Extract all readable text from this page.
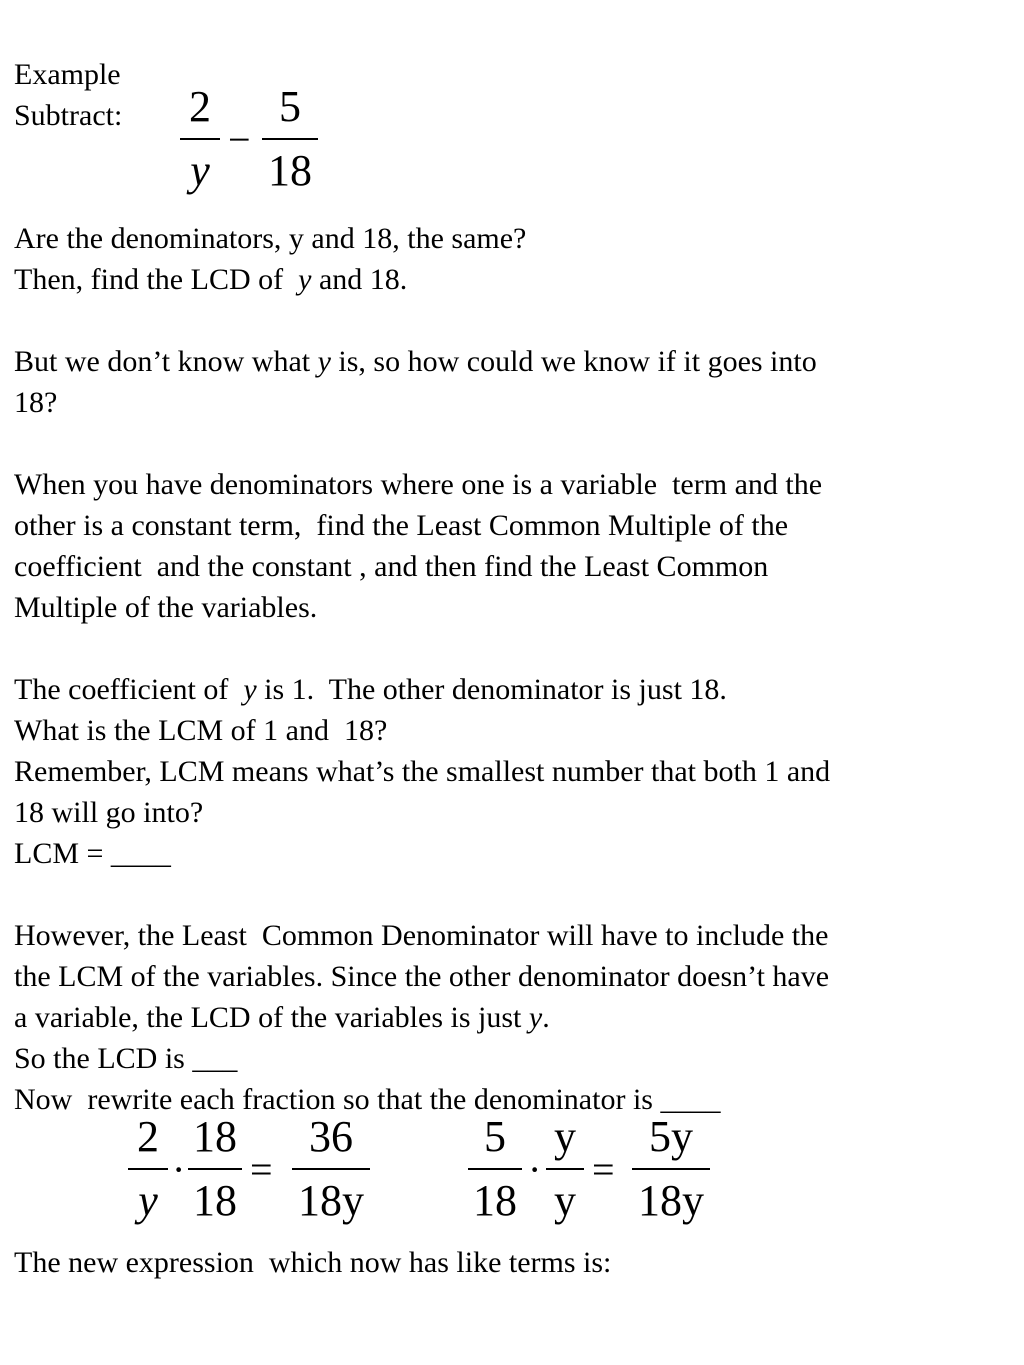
Example
Subtract: 2
y
−
5
18
Are the denominators, y and 18, the same?
Then, find the LCD of  y and 18.
But we don’t know what y is, so how could we know if it goes into
18?
When you have denominators where one is a variable  term and the
other is a constant term,  find the Least Common Multiple of the
coefficient  and the constant , and then find the Least Common
Multiple of the variables.
The coefficient of  y is 1.  The other denominator is just 18.
What is the LCM of 1 and  18?
Remember, LCM means what’s the smallest number that both 1 and
18 will go into?
LCM = ____
However, the Least  Common Denominator will have to include the
the LCM of the variables. Since the other denominator doesn’t have
a variable, the LCD of the variables is just y.
So the LCD is ___
Now  rewrite each fraction so that the denominator is ____
2
y
·
18
18
=
36
18y
5
18
·
y
y
=
5y
18y
The new expression  which now has like terms is:
